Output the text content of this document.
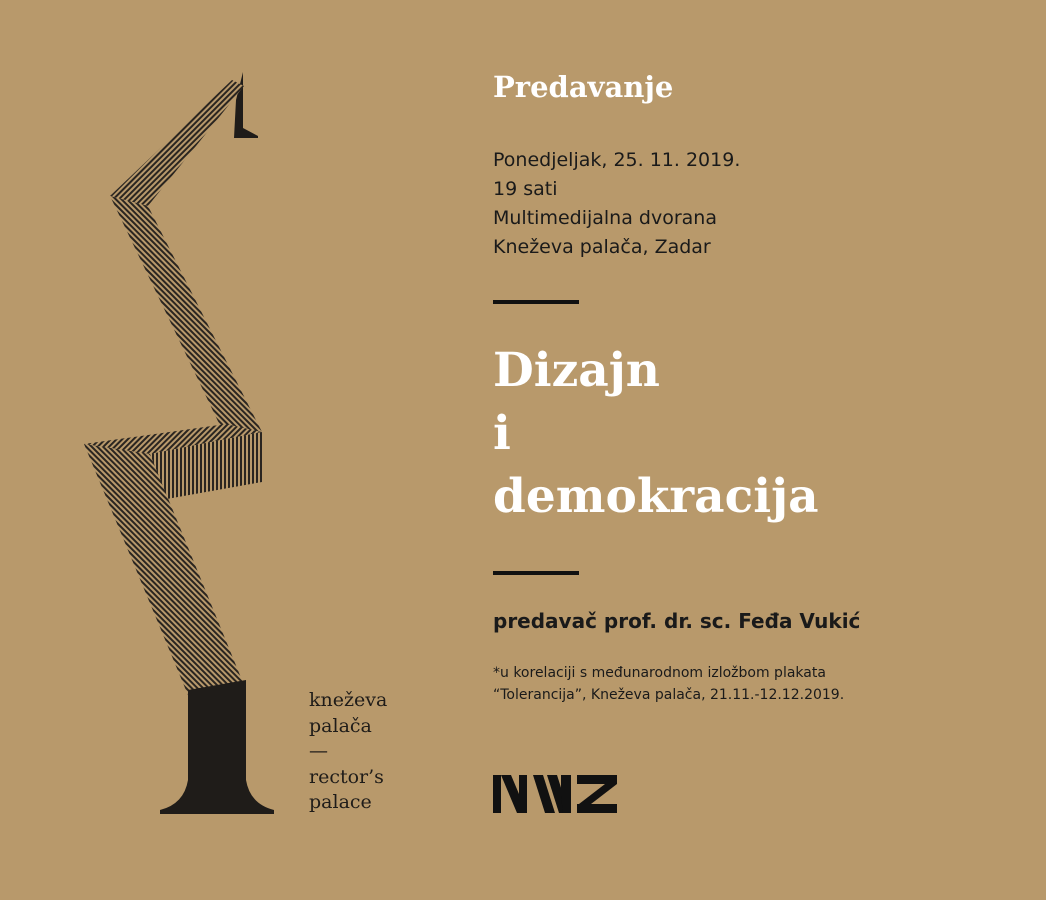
kneževa
palača
—
rector’s
palace
Predavanje
Ponedjeljak, 25. 11. 2019.
19 sati
Multimedijalna dvorana
Kneževa palača, Zadar
Dizajn
i
demokracija
predavač prof. dr. sc. Feđa Vukić
*u korelaciji s međunarodnom izložbom plakata
“Tolerancija”, Kneževa palača, 21.11.-12.12.2019.
